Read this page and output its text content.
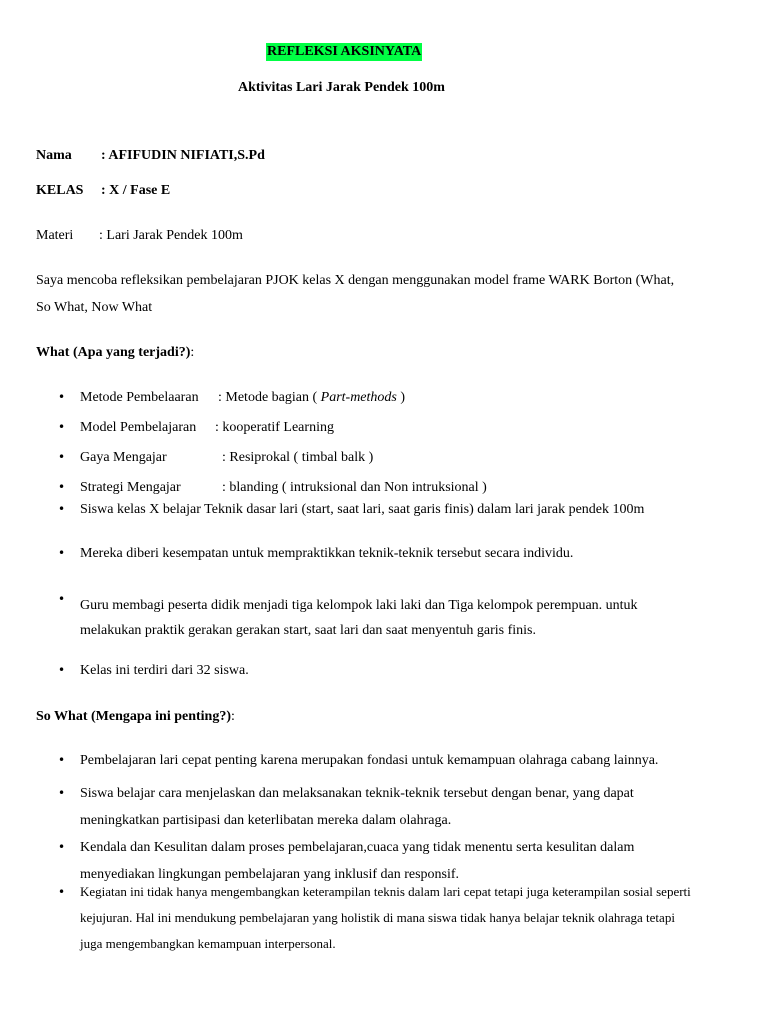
REFLEKSI AKSINYATA
Aktivitas Lari Jarak Pendek 100m
Nama : AFIFUDIN NIFIATI,S.Pd
KELAS : X / Fase E
Materi : Lari Jarak Pendek 100m
Saya mencoba refleksikan pembelajaran PJOK kelas X dengan menggunakan model frame WARK Borton (What,
So What, Now What
What (Apa yang terjadi?):
• Metode Pembelaaran : Metode bagian ( Part-methods )
• Model Pembelajaran : kooperatif Learning
• Gaya Mengajar	: Resiprokal ( timbal balk )
• Strategi Mengajar	: blanding ( intruksional dan Non intruksional )
• Siswa kelas X belajar Teknik dasar lari (start, saat lari, saat garis finis) dalam lari jarak pendek 100m
• Mereka diberi kesempatan untuk mempraktikkan teknik-teknik tersebut secara individu.
• Guru membagi peserta didik menjadi tiga kelompok laki laki dan Tiga kelompok perempuan. untuk
melakukan praktik gerakan gerakan start, saat lari dan saat menyentuh garis finis.
• Kelas ini terdiri dari 32 siswa.
So What (Mengapa ini penting?):
• Pembelajaran lari cepat penting karena merupakan fondasi untuk kemampuan olahraga cabang lainnya.
• Siswa belajar cara menjelaskan dan melaksanakan teknik-teknik tersebut dengan benar, yang dapat
meningkatkan partisipasi dan keterlibatan mereka dalam olahraga.
• Kendala dan Kesulitan dalam proses pembelajaran,cuaca yang tidak menentu serta kesulitan dalam
menyediakan lingkungan pembelajaran yang inklusif dan responsif.
• Kegiatan ini tidak hanya mengembangkan keterampilan teknis dalam lari cepat tetapi juga keterampilan sosial seperti
kejujuran. Hal ini mendukung pembelajaran yang holistik di mana siswa tidak hanya belajar teknik olahraga tetapi
juga mengembangkan kemampuan interpersonal.
